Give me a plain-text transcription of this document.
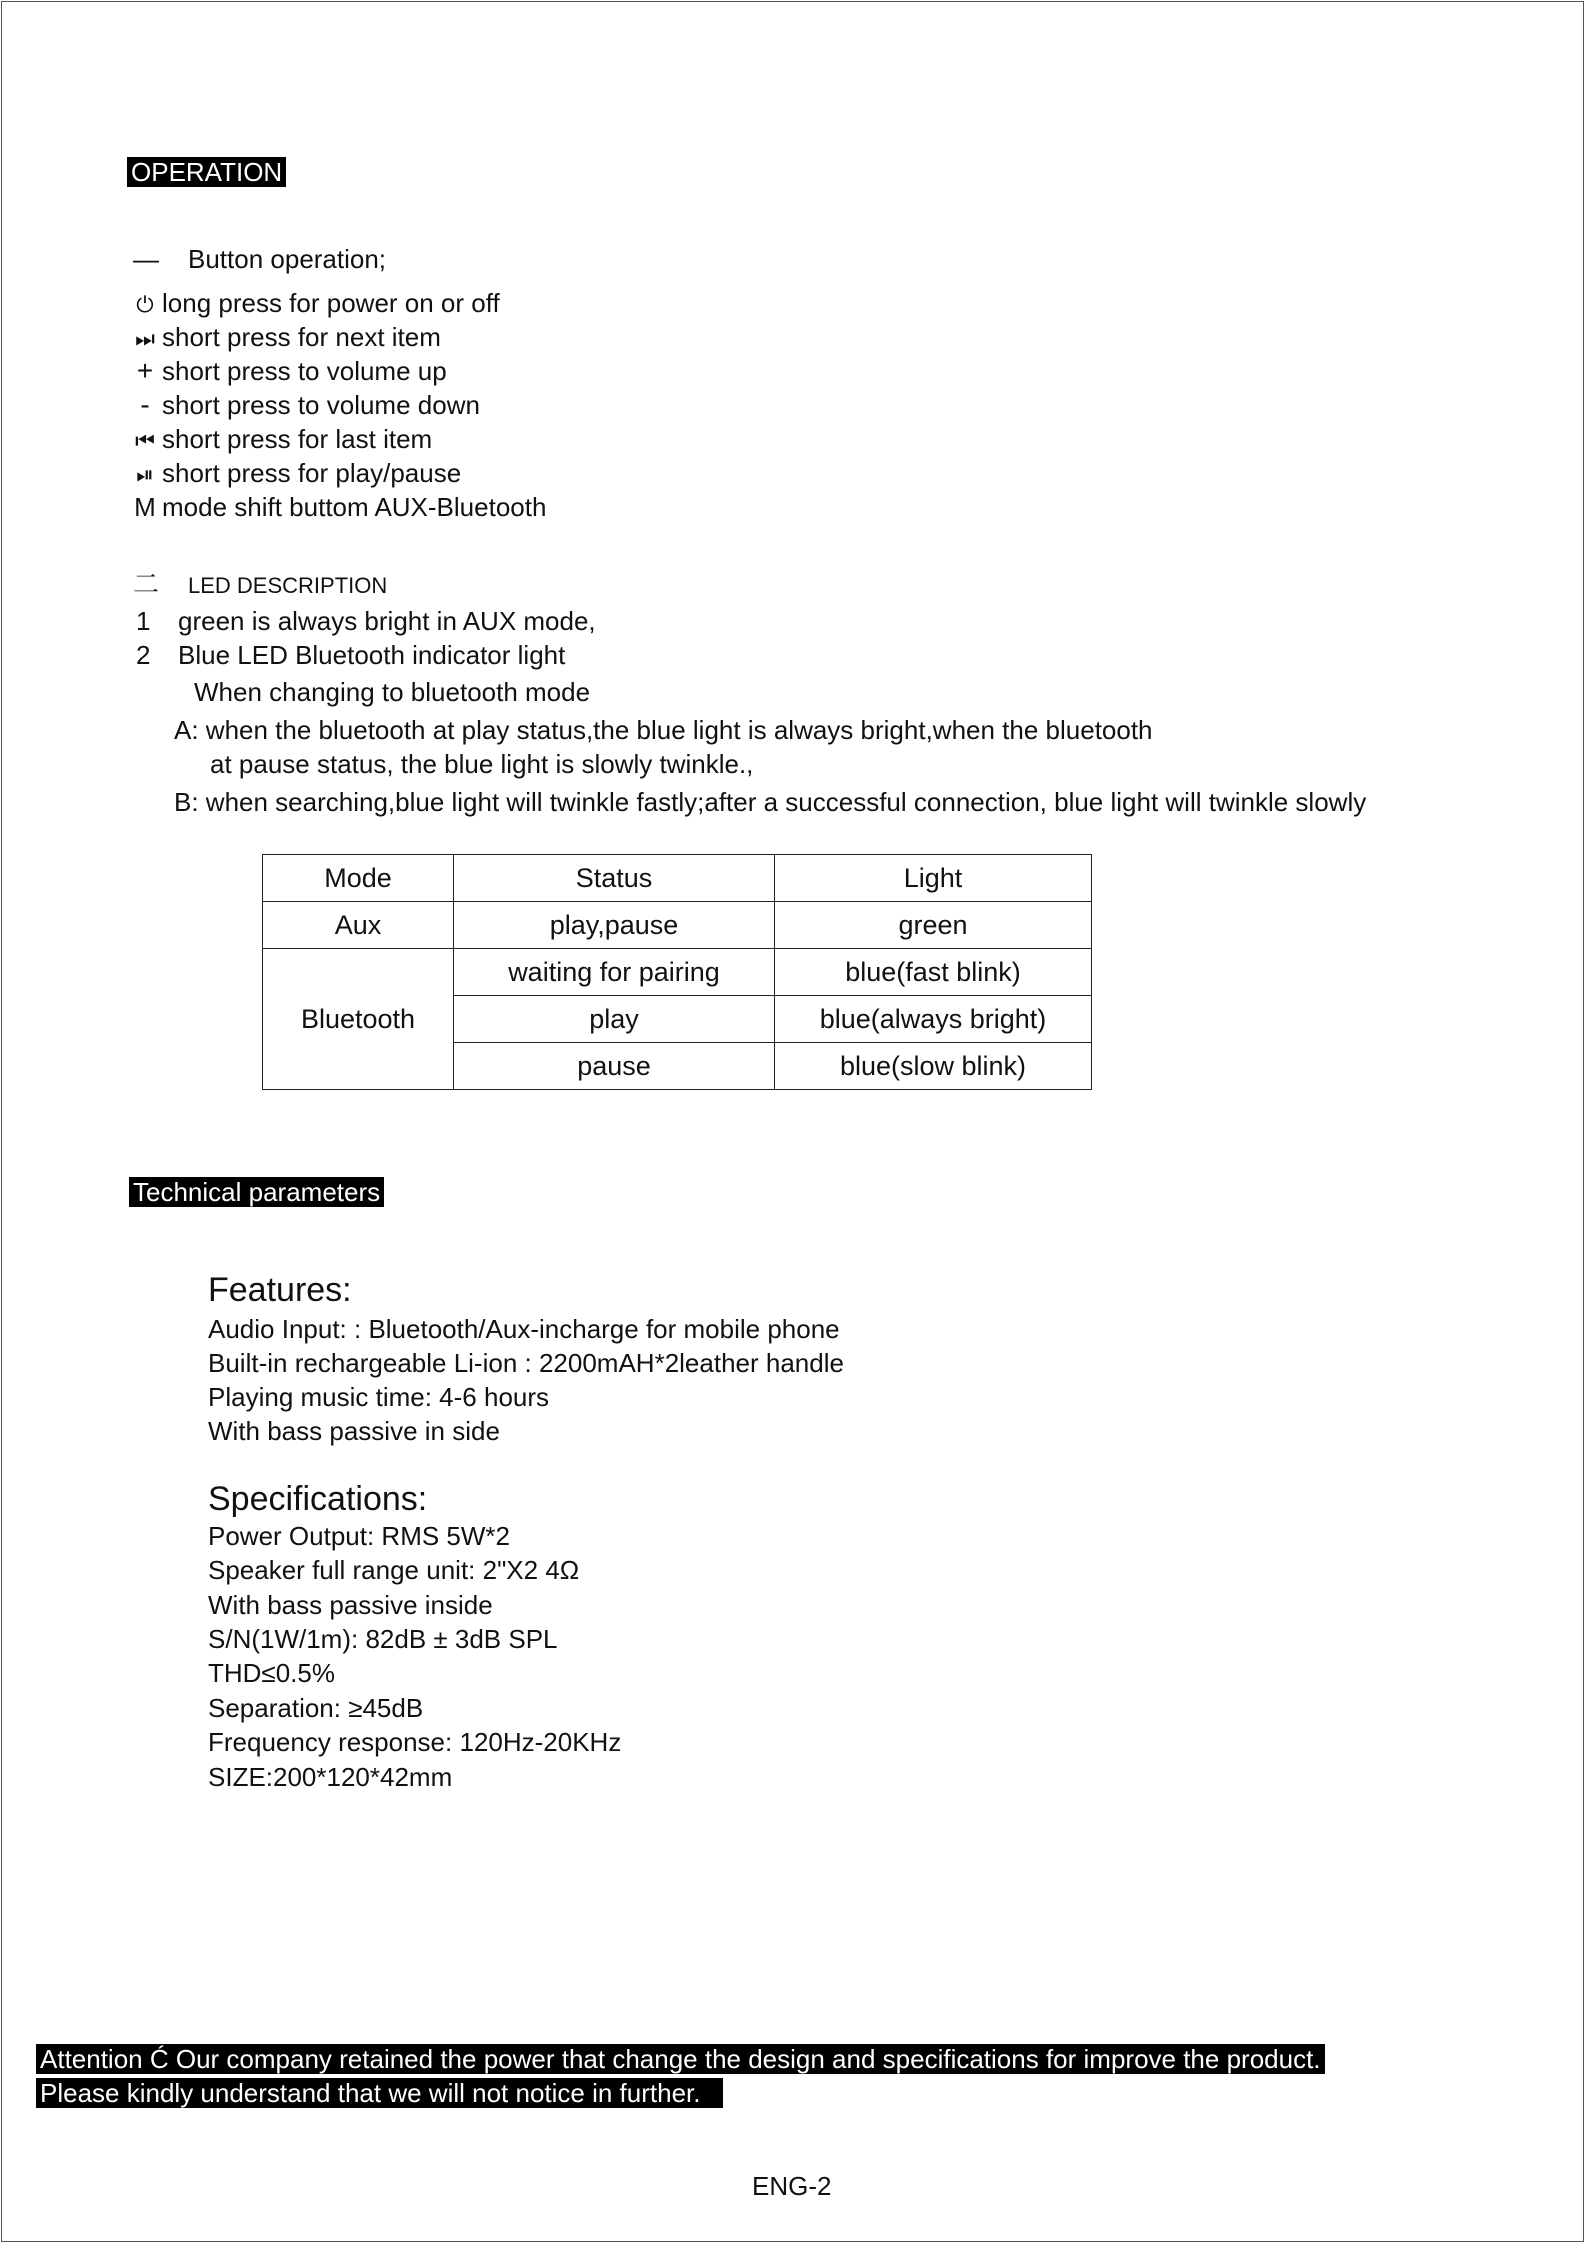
OPERATION
— Button operation;
⏻ long press for power on or off
⏭ short press for next item
+ short press to volume up
- short press to volume down
⏮ short press for last item
⏯ short press for play/pause
M mode shift buttom AUX-Bluetooth
二 LED DESCRIPTION
1 green is always bright in AUX mode,
2 Blue LED Bluetooth indicator light
When changing to bluetooth mode
A: when the bluetooth at play status,the blue light is always bright,when the bluetooth
at pause status, the blue light is slowly twinkle.,
B: when searching,blue light will twinkle fastly;after a successful connection, blue light will twinkle slowly
Mode	Status	Light
Aux	play,pause	green
Bluetooth	waiting for pairing	blue(fast blink)
	play	blue(always bright)
	pause	blue(slow blink)
Technical parameters
Features:
Audio Input: : Bluetooth/Aux-incharge for mobile phone
Built-in rechargeable Li-ion : 2200mAH*2leather handle
Playing music time: 4-6 hours
With bass passive in side
Specifications:
Power Output: RMS 5W*2
Speaker full range unit: 2"X2 4Ω
With bass passive inside
S/N(1W/1m): 82dB ± 3dB SPL
THD≤0.5%
Separation: ≥45dB
Frequency response: 120Hz-20KHz
SIZE:200*120*42mm
Attention Ć Our company retained the power that change the design and specifications for improve the product.
Please kindly understand that we will not notice in further.
ENG-2
